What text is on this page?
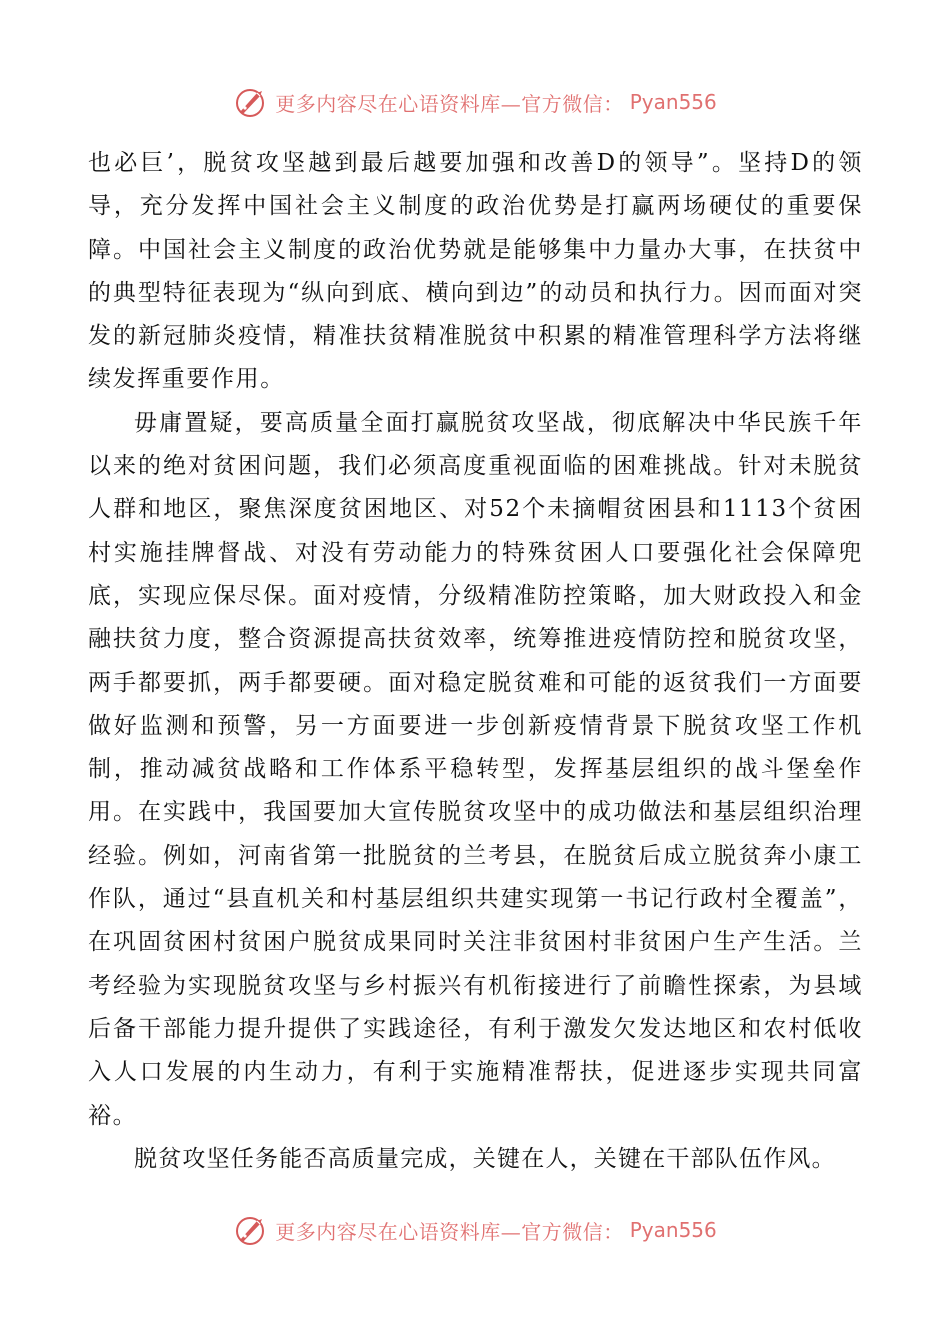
更多内容尽在心语资料库—官方微信： Pyan556

也必巨’，脱贫攻坚越到最后越要加强和改善D的领导”。坚持D的领导，充分发挥中国社会主义制度的政治优势是打赢两场硬仗的重要保障。中国社会主义制度的政治优势就是能够集中力量办大事，在扶贫中的典型特征表现为“纵向到底、横向到边”的动员和执行力。因而面对突发的新冠肺炎疫情，精准扶贫精准脱贫中积累的精准管理科学方法将继续发挥重要作用。

毋庸置疑，要高质量全面打赢脱贫攻坚战，彻底解决中华民族千年以来的绝对贫困问题，我们必须高度重视面临的困难挑战。针对未脱贫人群和地区，聚焦深度贫困地区、对52个未摘帽贫困县和1113个贫困村实施挂牌督战、对没有劳动能力的特殊贫困人口要强化社会保障兜底，实现应保尽保。面对疫情，分级精准防控策略，加大财政投入和金融扶贫力度，整合资源提高扶贫效率，统筹推进疫情防控和脱贫攻坚，两手都要抓，两手都要硬。面对稳定脱贫难和可能的返贫我们一方面要做好监测和预警，另一方面要进一步创新疫情背景下脱贫攻坚工作机制，推动减贫战略和工作体系平稳转型，发挥基层组织的战斗堡垒作用。在实践中，我国要加大宣传脱贫攻坚中的成功做法和基层组织治理经验。例如，河南省第一批脱贫的兰考县，在脱贫后成立脱贫奔小康工作队，通过“县直机关和村基层组织共建实现第一书记行政村全覆盖”，在巩固贫困村贫困户脱贫成果同时关注非贫困村非贫困户生产生活。兰考经验为实现脱贫攻坚与乡村振兴有机衔接进行了前瞻性探索，为县域后备干部能力提升提供了实践途径，有利于激发欠发达地区和农村低收入人口发展的内生动力，有利于实施精准帮扶，促进逐步实现共同富裕。

脱贫攻坚任务能否高质量完成，关键在人，关键在干部队伍作风。

更多内容尽在心语资料库—官方微信： Pyan556
